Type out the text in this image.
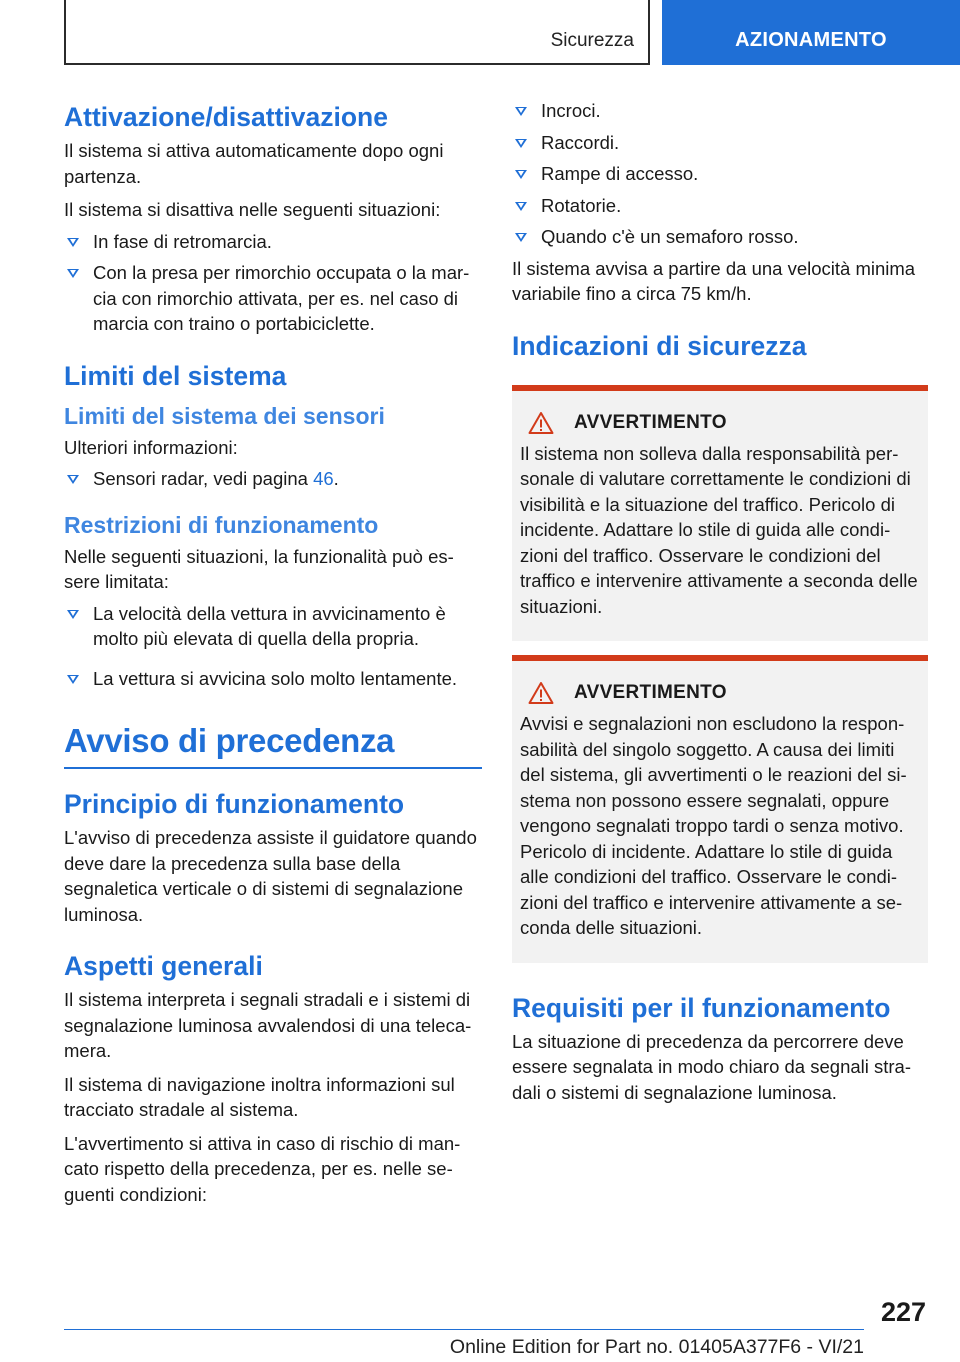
Sicurezza	AZIONAMENTO
Attivazione/disattivazione
Il sistema si attiva automaticamente dopo ogni partenza.
Il sistema si disattiva nelle seguenti situazioni:
In fase di retromarcia.
Con la presa per rimorchio occupata o la mar-cia con rimorchio attivata, per es. nel caso di marcia con traino o portabiciclette.
Limiti del sistema
Limiti del sistema dei sensori
Ulteriori informazioni:
Sensori radar, vedi pagina 46.
Restrizioni di funzionamento
Nelle seguenti situazioni, la funzionalità può es-sere limitata:
La velocità della vettura in avvicinamento è molto più elevata di quella della propria.
La vettura si avvicina solo molto lentamente.
Avviso di precedenza
Principio di funzionamento
L'avviso di precedenza assiste il guidatore quando deve dare la precedenza sulla base della segnaletica verticale o di sistemi di segnalazione luminosa.
Aspetti generali
Il sistema interpreta i segnali stradali e i sistemi di segnalazione luminosa avvalendosi di una teleca-mera.
Il sistema di navigazione inoltra informazioni sul tracciato stradale al sistema.
L'avvertimento si attiva in caso di rischio di man-cato rispetto della precedenza, per es. nelle se-guenti condizioni:
Incroci.
Raccordi.
Rampe di accesso.
Rotatorie.
Quando c'è un semaforo rosso.
Il sistema avvisa a partire da una velocità minima variabile fino a circa 75 km/h.
Indicazioni di sicurezza
AVVERTIMENTO
Il sistema non solleva dalla responsabilità per-sonale di valutare correttamente le condizioni di visibilità e la situazione del traffico. Pericolo di incidente. Adattare lo stile di guida alle condi-zioni del traffico. Osservare le condizioni del traffico e intervenire attivamente a seconda delle situazioni.
AVVERTIMENTO
Avvisi e segnalazioni non escludono la respon-sabilità del singolo soggetto. A causa dei limiti del sistema, gli avvertimenti o le reazioni del si-stema non possono essere segnalati, oppure vengono segnalati troppo tardi o senza motivo. Pericolo di incidente. Adattare lo stile di guida alle condizioni del traffico. Osservare le condi-zioni del traffico e intervenire attivamente a se-conda delle situazioni.
Requisiti per il funzionamento
La situazione di precedenza da percorrere deve essere segnalata in modo chiaro da segnali stra-dali o sistemi di segnalazione luminosa.
227
Online Edition for Part no. 01405A377F6 - VI/21
